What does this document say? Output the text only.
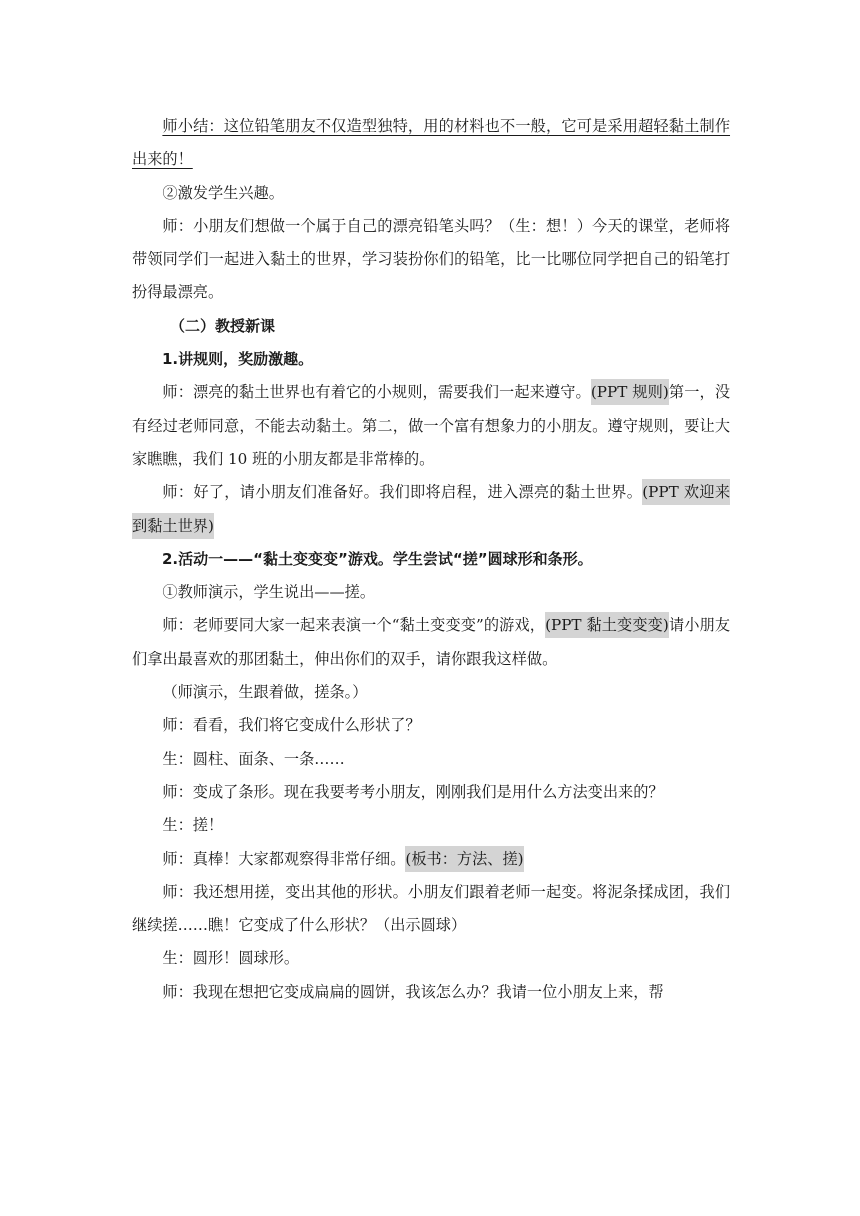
师小结：这位铅笔朋友不仅造型独特，用的材料也不一般，它可是采用超轻黏土制作出来的！

②激发学生兴趣。

师：小朋友们想做一个属于自己的漂亮铅笔头吗？（生：想！）今天的课堂，老师将带领同学们一起进入黏土的世界，学习装扮你们的铅笔，比一比哪位同学把自己的铅笔打扮得最漂亮。

（二）教授新课

1.讲规则，奖励激趣。

师：漂亮的黏土世界也有着它的小规则，需要我们一起来遵守。(PPT 规则)第一，没有经过老师同意，不能去动黏土。第二，做一个富有想象力的小朋友。遵守规则，要让大家瞧瞧，我们 10 班的小朋友都是非常棒的。

师：好了，请小朋友们准备好。我们即将启程，进入漂亮的黏土世界。(PPT 欢迎来到黏土世界)

2.活动一——“黏土变变变”游戏。学生尝试“搓”圆球形和条形。

①教师演示，学生说出——搓。

师：老师要同大家一起来表演一个“黏土变变变”的游戏，(PPT 黏土变变变)请小朋友们拿出最喜欢的那团黏土，伸出你们的双手，请你跟我这样做。

（师演示，生跟着做，搓条。）

师：看看，我们将它变成什么形状了？

生：圆柱、面条、一条……

师：变成了条形。现在我要考考小朋友，刚刚我们是用什么方法变出来的？

生：搓！

师：真棒！大家都观察得非常仔细。(板书：方法、搓)

师：我还想用搓，变出其他的形状。小朋友们跟着老师一起变。将泥条揉成团，我们继续搓……瞧！它变成了什么形状？（出示圆球）

生：圆形！圆球形。

师：我现在想把它变成扁扁的圆饼，我该怎么办？我请一位小朋友上来，帮
